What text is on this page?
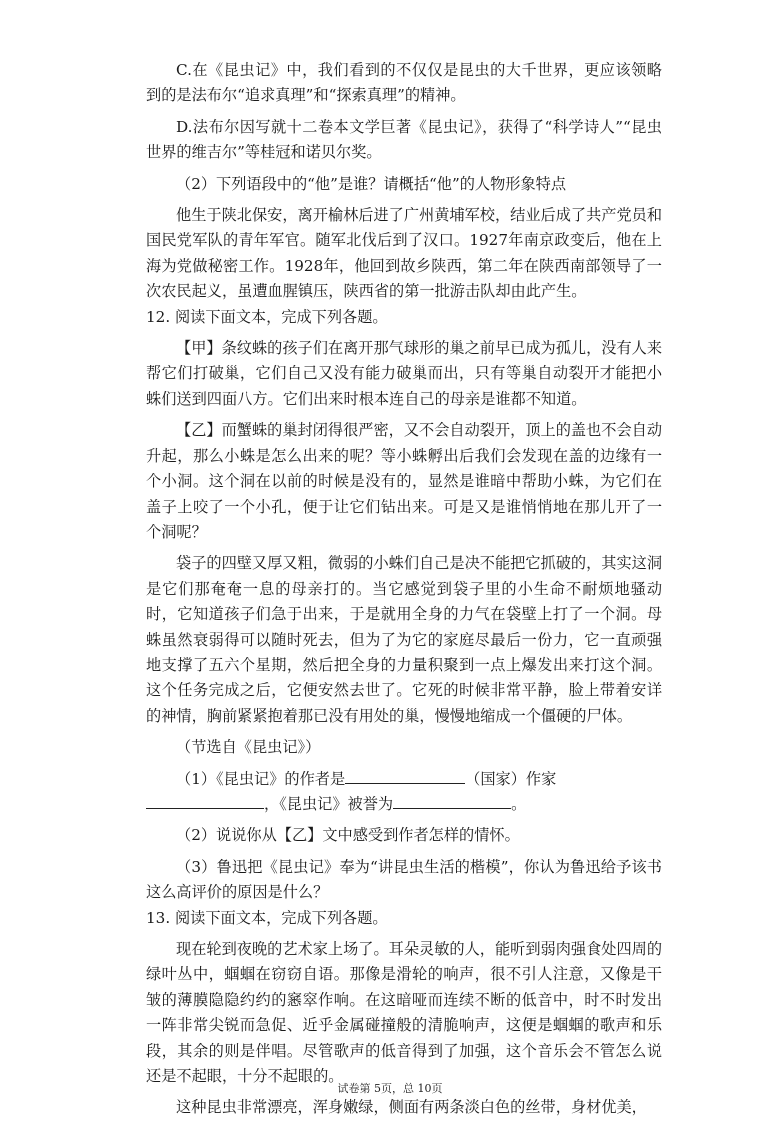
C.在《昆虫记》中，我们看到的不仅仅是昆虫的大千世界，更应该领略到的是法布尔“追求真理”和“探索真理”的精神。

D.法布尔因写就十二卷本文学巨著《昆虫记》，获得了“科学诗人”“昆虫世界的维吉尔”等桂冠和诺贝尔奖。

（2）下列语段中的“他”是谁？请概括“他”的人物形象特点

他生于陕北保安，离开榆林后进了广州黄埔军校，结业后成了共产党员和国民党军队的青年军官。随军北伐后到了汉口。1927年南京政变后，他在上海为党做秘密工作。1928年，他回到故乡陕西，第二年在陕西南部领导了一次农民起义，虽遭血腥镇压，陕西省的第一批游击队却由此产生。

12. 阅读下面文本，完成下列各题。

【甲】条纹蛛的孩子们在离开那气球形的巢之前早已成为孤儿，没有人来帮它们打破巢，它们自己又没有能力破巢而出，只有等巢自动裂开才能把小蛛们送到四面八方。它们出来时根本连自己的母亲是谁都不知道。

【乙】而蟹蛛的巢封闭得很严密，又不会自动裂开，顶上的盖也不会自动升起，那么小蛛是怎么出来的呢？等小蛛孵出后我们会发现在盖的边缘有一个小洞。这个洞在以前的时候是没有的，显然是谁暗中帮助小蛛，为它们在盖子上咬了一个小孔，便于让它们钻出来。可是又是谁悄悄地在那儿开了一个洞呢？

袋子的四壁又厚又粗，微弱的小蛛们自己是决不能把它抓破的，其实这洞是它们那奄奄一息的母亲打的。当它感觉到袋子里的小生命不耐烦地骚动时，它知道孩子们急于出来，于是就用全身的力气在袋壁上打了一个洞。母蛛虽然衰弱得可以随时死去，但为了为它的家庭尽最后一份力，它一直顽强地支撑了五六个星期，然后把全身的力量积聚到一点上爆发出来打这个洞。这个任务完成之后，它便安然去世了。它死的时候非常平静，脸上带着安详的神情，胸前紧紧抱着那已没有用处的巢，慢慢地缩成一个僵硬的尸体。

（节选自《昆虫记》）

（1）《昆虫记》的作者是	（国家）作家
，《昆虫记》被誉为	。

（2）说说你从【乙】文中感受到作者怎样的情怀。

（3）鲁迅把《昆虫记》奉为“讲昆虫生活的楷模”，你认为鲁迅给予该书这么高评价的原因是什么？

13. 阅读下面文本，完成下列各题。

现在轮到夜晚的艺术家上场了。耳朵灵敏的人，能听到弱肉强食处四周的绿叶丛中，蝈蝈在窃窃自语。那像是滑轮的响声，很不引人注意，又像是干皱的薄膜隐隐约约的窸窣作响。在这暗哑而连续不断的低音中，时不时发出一阵非常尖锐而急促、近乎金属碰撞般的清脆响声，这便是蝈蝈的歌声和乐段，其余的则是伴唱。尽管歌声的低音得到了加强，这个音乐会不管怎么说还是不起眼，十分不起眼的。

这种昆虫非常漂亮，浑身嫩绿，侧面有两条淡白色的丝带，身材优美，

试卷第 5页，总 10页
